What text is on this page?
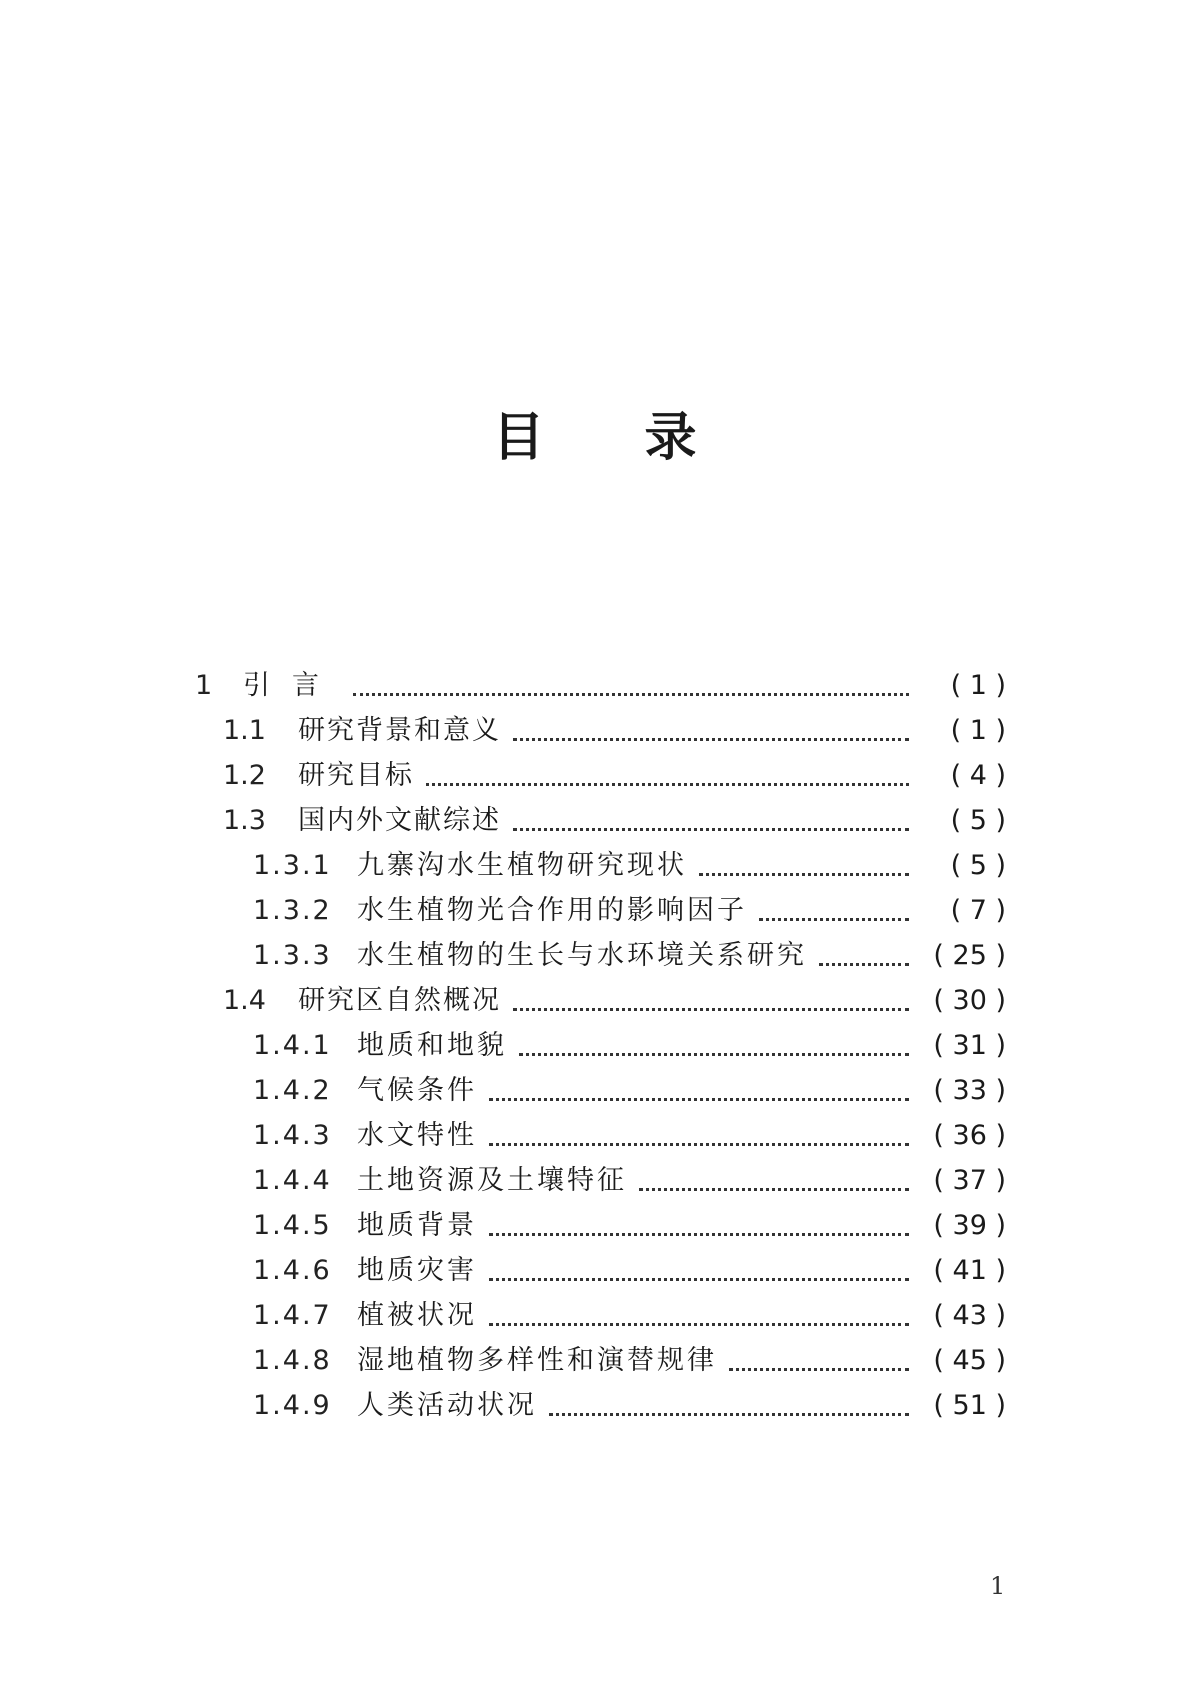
目 录
1 引言	( 1 )
1.1 研究背景和意义	( 1 )
1.2 研究目标	( 4 )
1.3 国内外文献综述	( 5 )
1.3.1 九寨沟水生植物研究现状	( 5 )
1.3.2 水生植物光合作用的影响因子	( 7 )
1.3.3 水生植物的生长与水环境关系研究	( 25 )
1.4 研究区自然概况	( 30 )
1.4.1 地质和地貌	( 31 )
1.4.2 气候条件	( 33 )
1.4.3 水文特性	( 36 )
1.4.4 土地资源及土壤特征	( 37 )
1.4.5 地质背景	( 39 )
1.4.6 地质灾害	( 41 )
1.4.7 植被状况	( 43 )
1.4.8 湿地植物多样性和演替规律	( 45 )
1.4.9 人类活动状况	( 51 )
1
